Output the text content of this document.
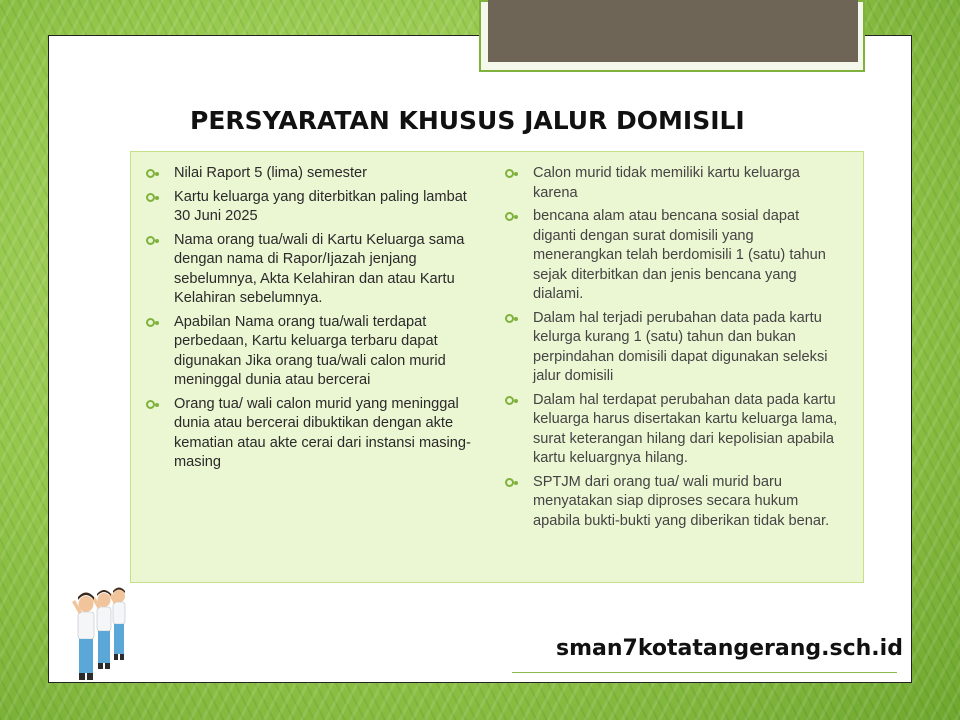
PERSYARATAN KHUSUS JALUR DOMISILI
Nilai Raport 5 (lima) semester
Kartu keluarga yang diterbitkan paling lambat 30 Juni 2025
Nama orang tua/wali di Kartu Keluarga sama dengan nama di Rapor/Ijazah jenjang sebelumnya, Akta Kelahiran dan atau Kartu Kelahiran sebelumnya.
Apabilan Nama orang tua/wali terdapat perbedaan, Kartu keluarga terbaru dapat digunakan Jika orang tua/wali calon murid meninggal dunia atau bercerai
Orang tua/ wali calon murid yang meninggal dunia atau bercerai dibuktikan dengan akte kematian atau akte cerai dari instansi masing-masing
Calon murid tidak memiliki kartu keluarga karena
bencana alam atau bencana sosial dapat diganti dengan surat domisili yang menerangkan telah berdomisili 1 (satu) tahun sejak diterbitkan dan jenis bencana yang dialami.
Dalam hal terjadi perubahan data pada kartu kelurga kurang 1 (satu) tahun dan bukan perpindahan domisili dapat digunakan seleksi jalur domisili
Dalam hal terdapat perubahan data pada kartu keluarga harus disertakan kartu keluarga lama, surat keterangan hilang dari kepolisian apabila kartu keluargnya hilang.
SPTJM dari orang tua/ wali murid baru menyatakan siap diproses secara hukum apabila bukti-bukti yang diberikan tidak benar.
sman7kotatangerang.sch.id
